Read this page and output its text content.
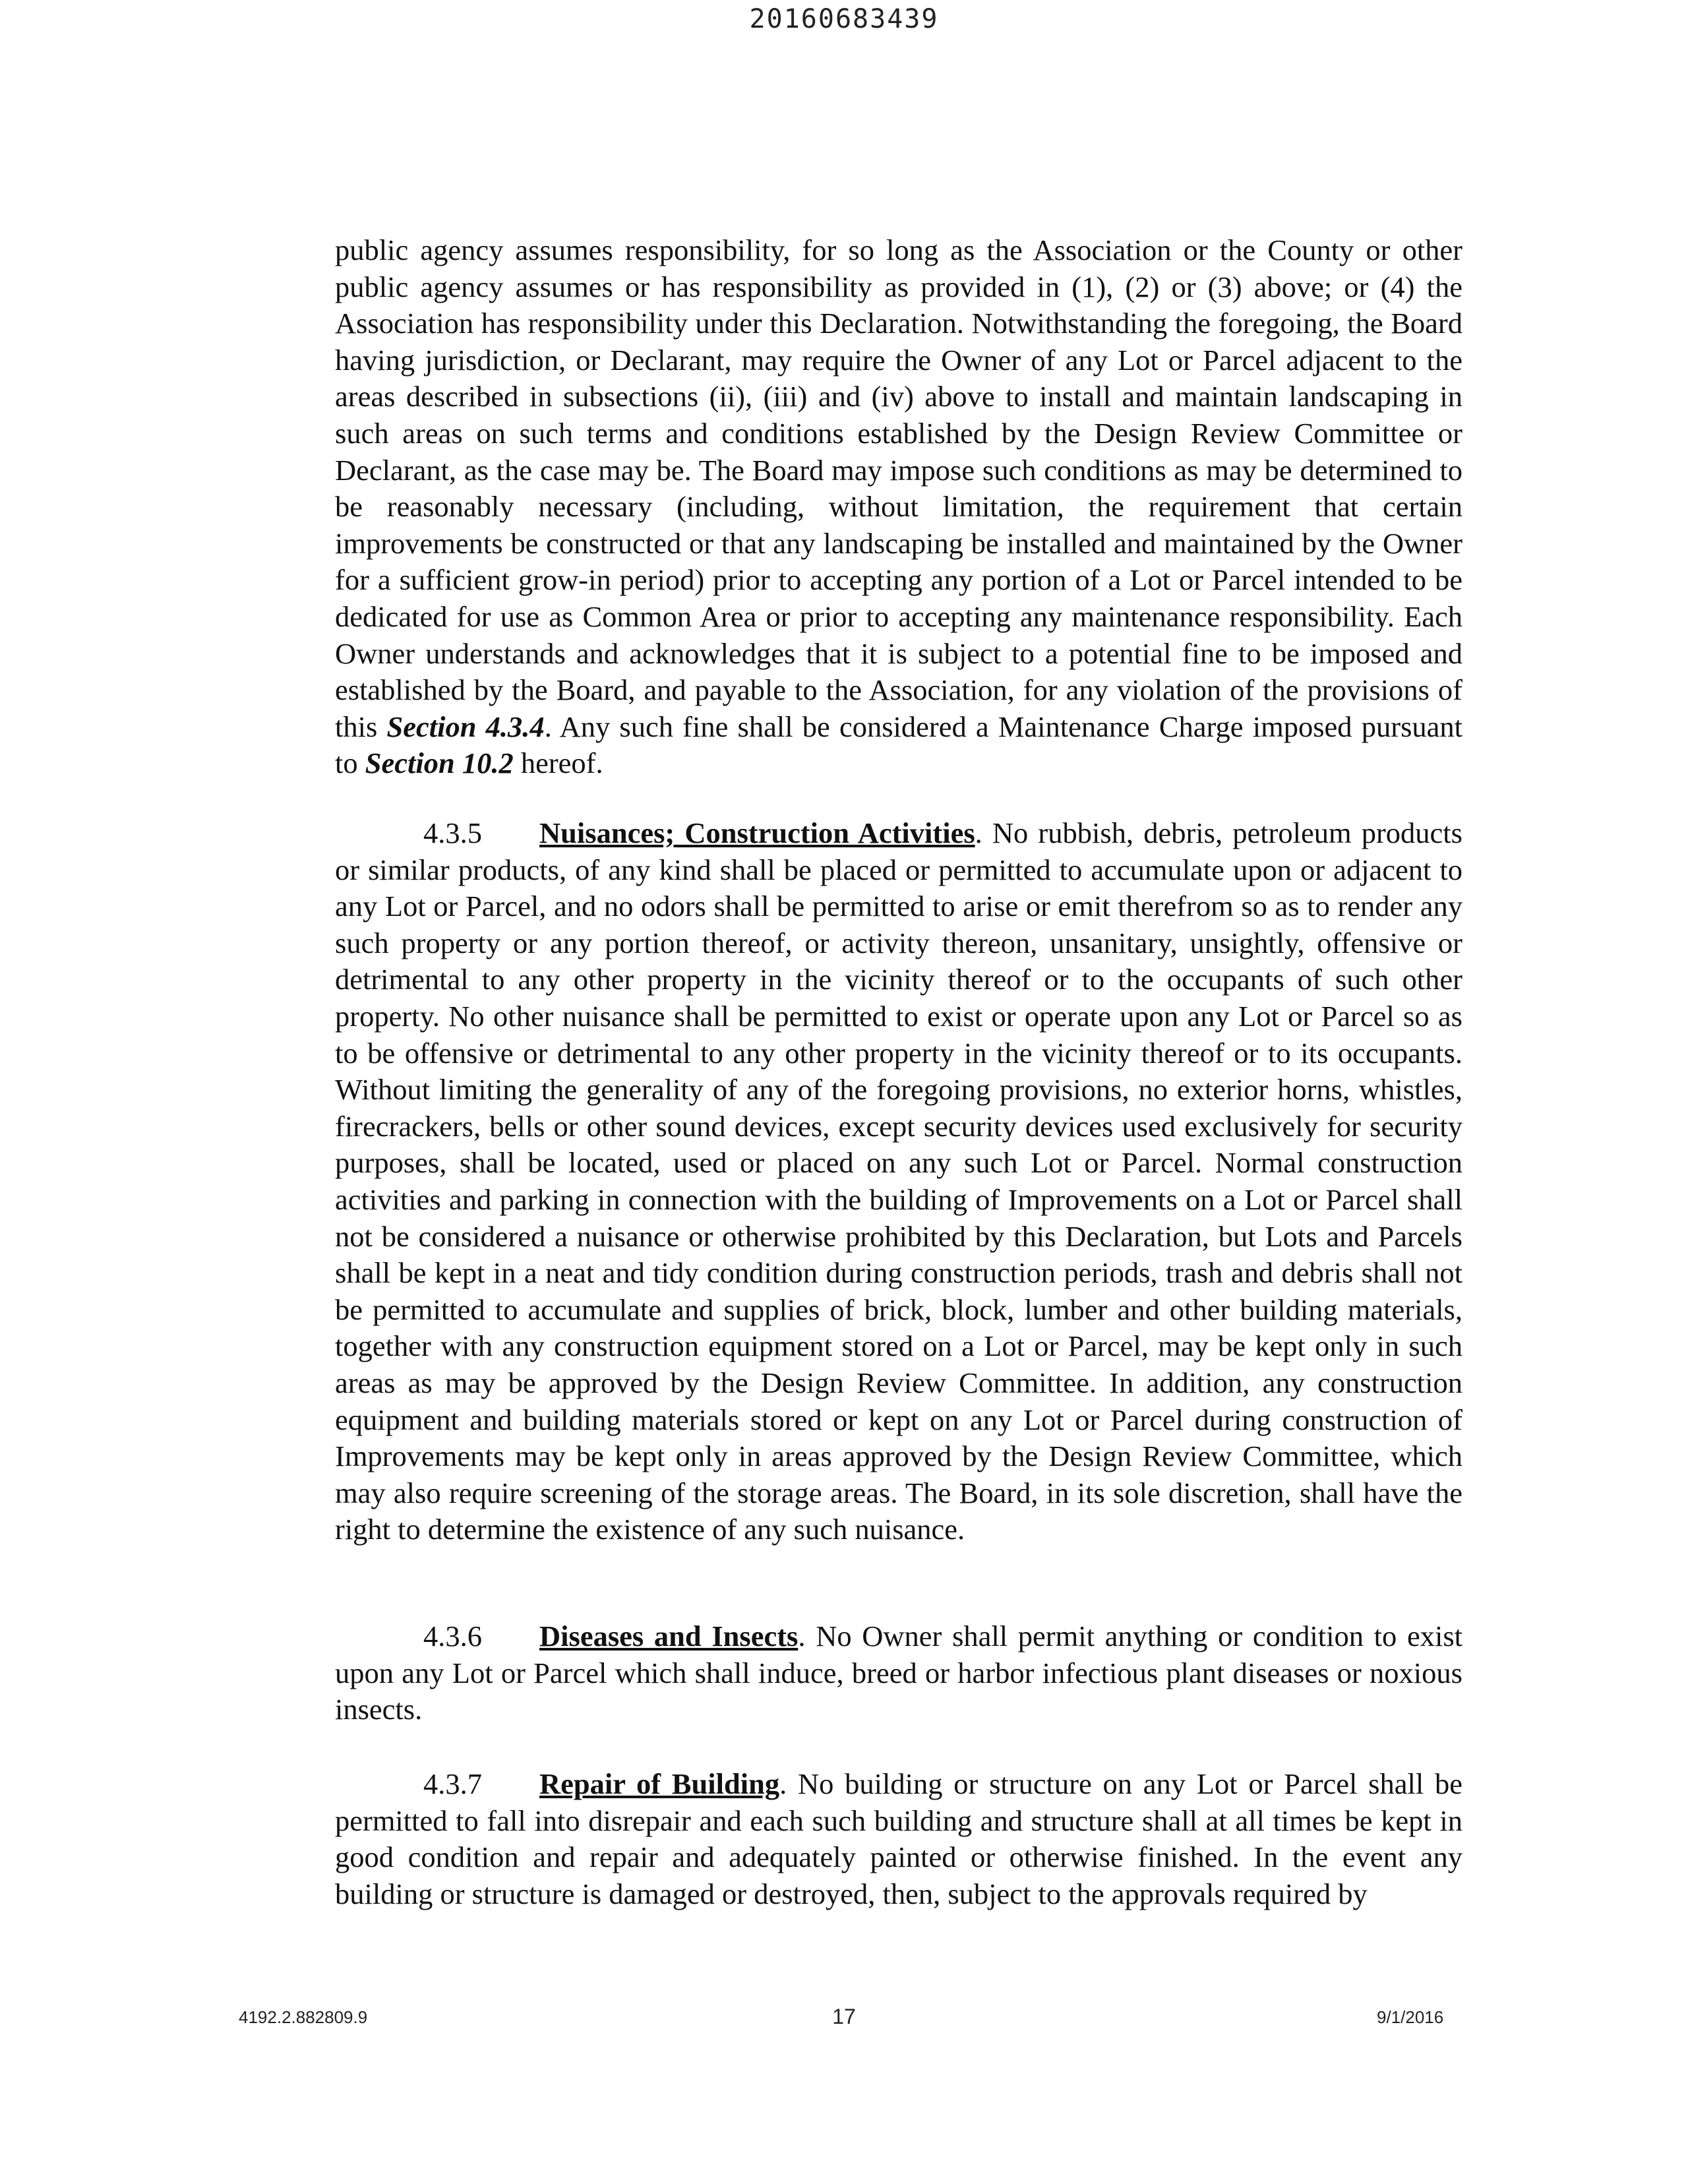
20160683439

public agency assumes responsibility, for so long as the Association or the County or other public agency assumes or has responsibility as provided in (1), (2) or (3) above; or (4) the Association has responsibility under this Declaration. Notwithstanding the foregoing, the Board having jurisdiction, or Declarant, may require the Owner of any Lot or Parcel adjacent to the areas described in subsections (ii), (iii) and (iv) above to install and maintain landscaping in such areas on such terms and conditions established by the Design Review Committee or Declarant, as the case may be. The Board may impose such conditions as may be determined to be reasonably necessary (including, without limitation, the requirement that certain improvements be constructed or that any landscaping be installed and maintained by the Owner for a sufficient grow-in period) prior to accepting any portion of a Lot or Parcel intended to be dedicated for use as Common Area or prior to accepting any maintenance responsibility. Each Owner understands and acknowledges that it is subject to a potential fine to be imposed and established by the Board, and payable to the Association, for any violation of the provisions of this Section 4.3.4. Any such fine shall be considered a Maintenance Charge imposed pursuant to Section 10.2 hereof.

4.3.5 Nuisances; Construction Activities. No rubbish, debris, petroleum products or similar products, of any kind shall be placed or permitted to accumulate upon or adjacent to any Lot or Parcel, and no odors shall be permitted to arise or emit therefrom so as to render any such property or any portion thereof, or activity thereon, unsanitary, unsightly, offensive or detrimental to any other property in the vicinity thereof or to the occupants of such other property. No other nuisance shall be permitted to exist or operate upon any Lot or Parcel so as to be offensive or detrimental to any other property in the vicinity thereof or to its occupants. Without limiting the generality of any of the foregoing provisions, no exterior horns, whistles, firecrackers, bells or other sound devices, except security devices used exclusively for security purposes, shall be located, used or placed on any such Lot or Parcel. Normal construction activities and parking in connection with the building of Improvements on a Lot or Parcel shall not be considered a nuisance or otherwise prohibited by this Declaration, but Lots and Parcels shall be kept in a neat and tidy condition during construction periods, trash and debris shall not be permitted to accumulate and supplies of brick, block, lumber and other building materials, together with any construction equipment stored on a Lot or Parcel, may be kept only in such areas as may be approved by the Design Review Committee. In addition, any construction equipment and building materials stored or kept on any Lot or Parcel during construction of Improvements may be kept only in areas approved by the Design Review Committee, which may also require screening of the storage areas. The Board, in its sole discretion, shall have the right to determine the existence of any such nuisance.

4.3.6 Diseases and Insects. No Owner shall permit anything or condition to exist upon any Lot or Parcel which shall induce, breed or harbor infectious plant diseases or noxious insects.

4.3.7 Repair of Building. No building or structure on any Lot or Parcel shall be permitted to fall into disrepair and each such building and structure shall at all times be kept in good condition and repair and adequately painted or otherwise finished. In the event any building or structure is damaged or destroyed, then, subject to the approvals required by

4192.2.882809.9	17	9/1/2016
